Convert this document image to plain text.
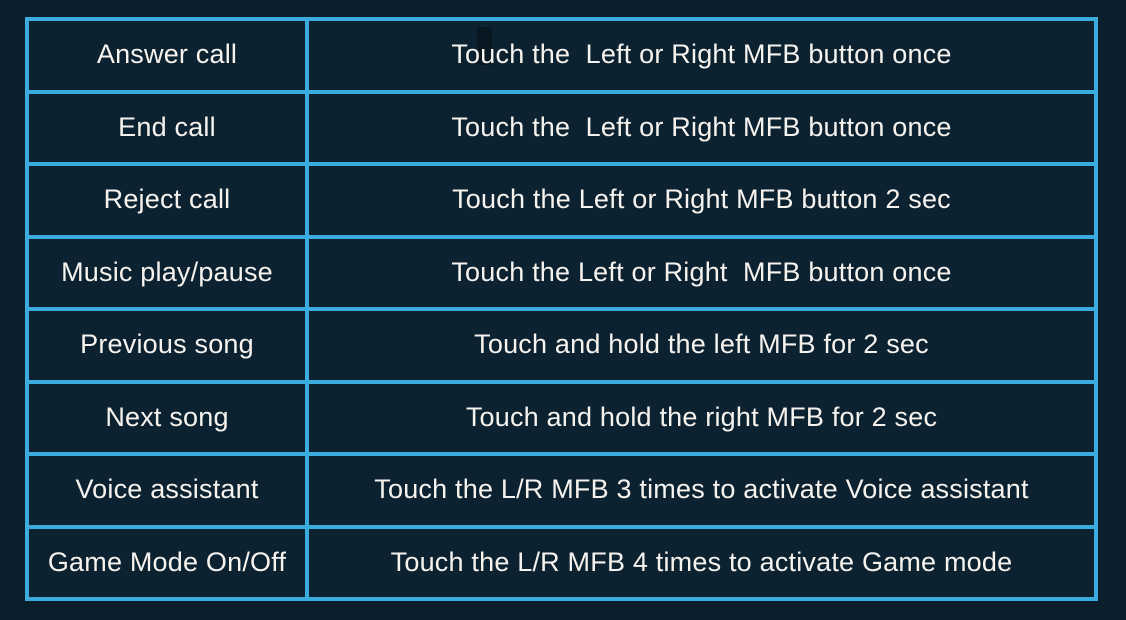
Answer call	Touch the  Left or Right MFB button once
End call	Touch the  Left or Right MFB button once
Reject call	Touch the Left or Right MFB button 2 sec
Music play/pause	Touch the Left or Right  MFB button once
Previous song	Touch and hold the left MFB for 2 sec
Next song	Touch and hold the right MFB for 2 sec
Voice assistant	Touch the L/R MFB 3 times to activate Voice assistant
Game Mode On/Off	Touch the L/R MFB 4 times to activate Game mode
